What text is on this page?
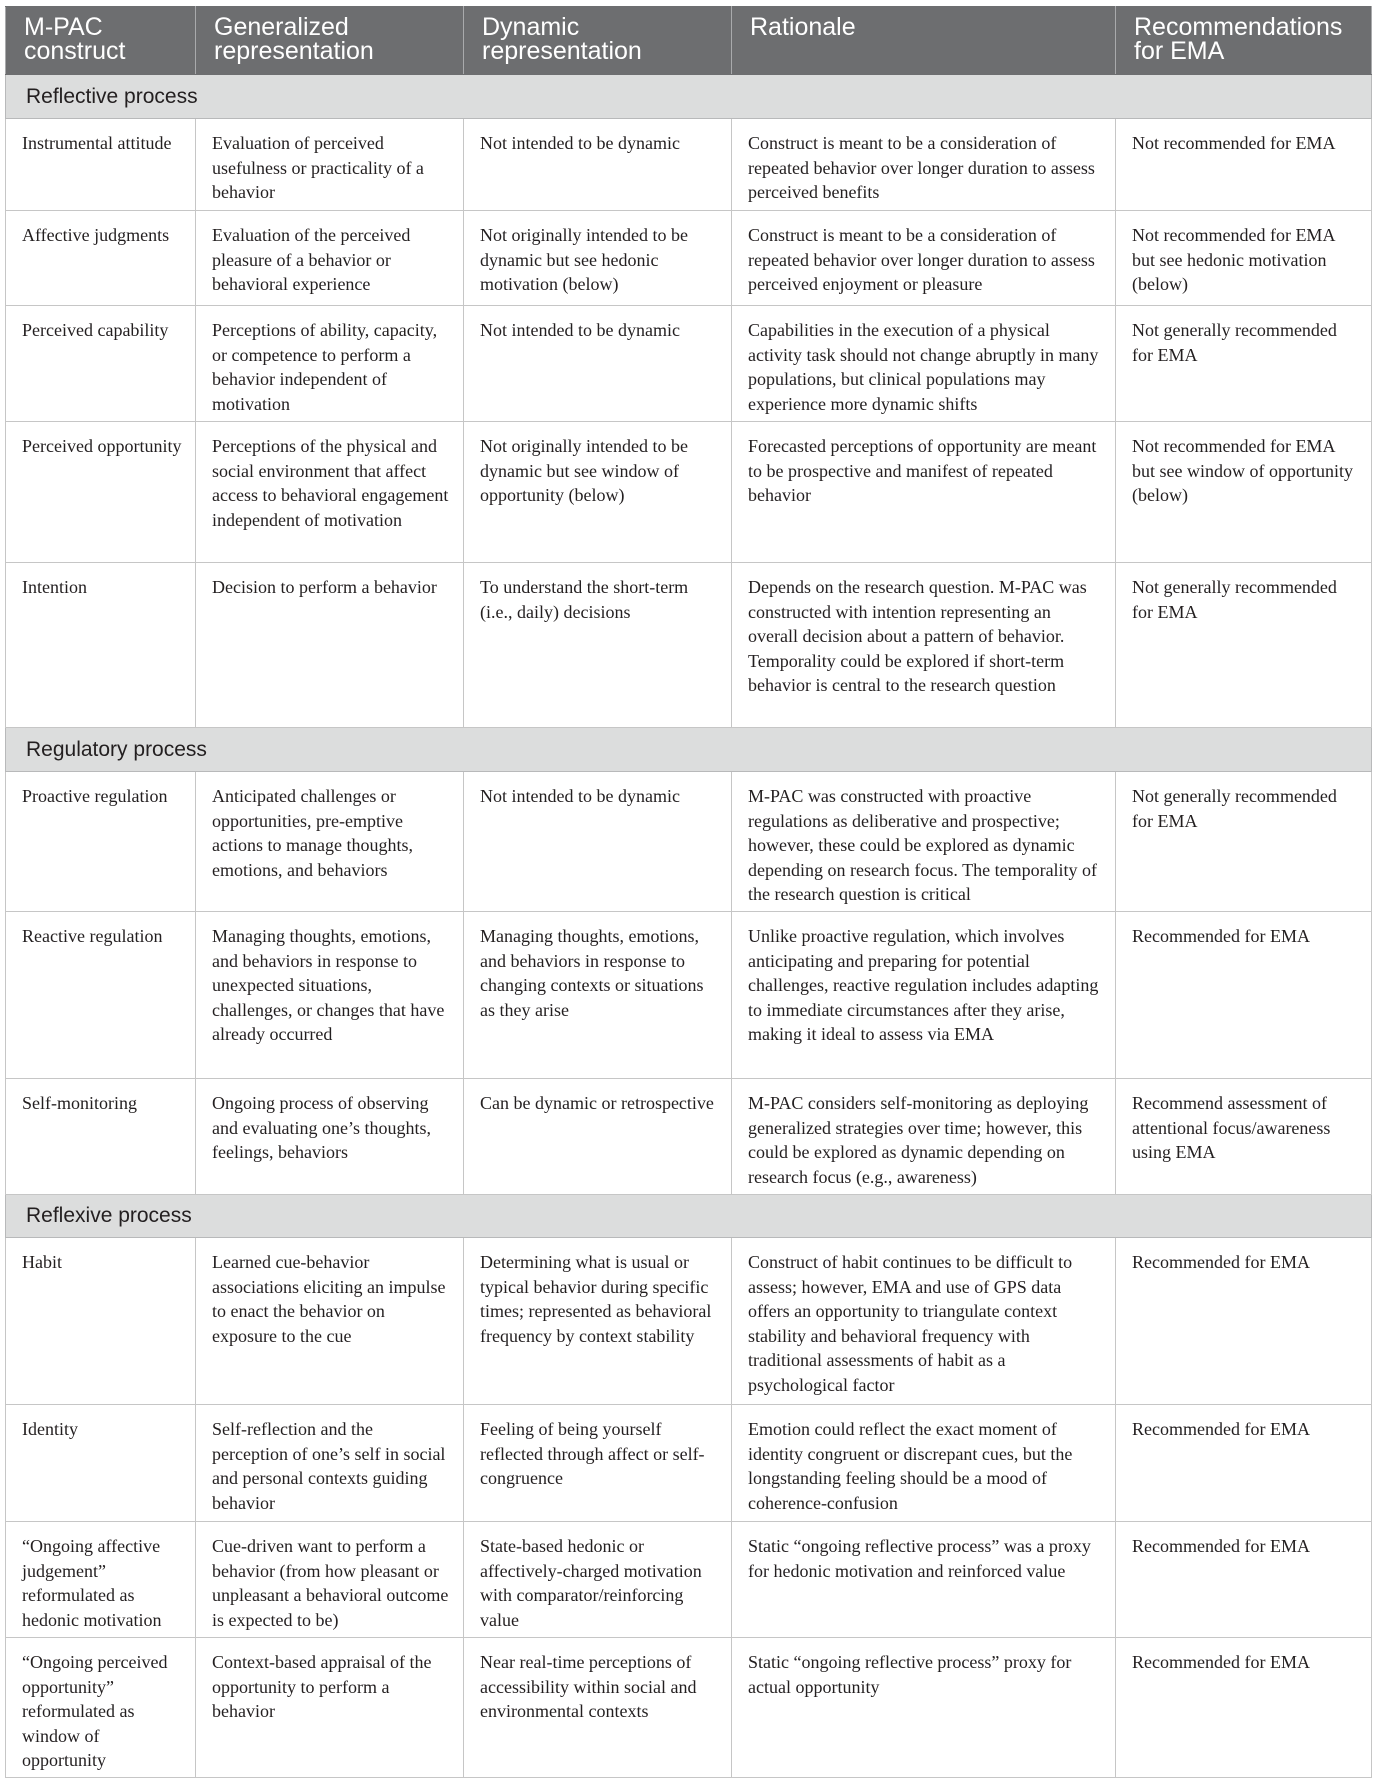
M-PAC construct	Generalized representation	Dynamic representation	Rationale	Recommendations for EMA
Reflective process				
Instrumental attitude	Evaluation of perceived usefulness or practicality of a behavior	Not intended to be dynamic	Construct is meant to be a consideration of repeated behavior over longer duration to assess perceived benefits	Not recommended for EMA
Affective judgments	Evaluation of the perceived pleasure of a behavior or behavioral experience	Not originally intended to be dynamic but see hedonic motivation (below)	Construct is meant to be a consideration of repeated behavior over longer duration to assess perceived enjoyment or pleasure	Not recommended for EMA but see hedonic motivation (below)
Perceived capability	Perceptions of ability, capacity, or competence to perform a behavior independent of motivation	Not intended to be dynamic	Capabilities in the execution of a physical activity task should not change abruptly in many populations, but clinical populations may experience more dynamic shifts	Not generally recommended for EMA
Perceived opportunity	Perceptions of the physical and social environment that affect access to behavioral engagement independent of motivation	Not originally intended to be dynamic but see window of opportunity (below)	Forecasted perceptions of opportunity are meant to be prospective and manifest of repeated behavior	Not recommended for EMA but see window of opportunity (below)
Intention	Decision to perform a behavior	To understand the short-term (i.e., daily) decisions	Depends on the research question. M-PAC was constructed with intention representing an overall decision about a pattern of behavior. Temporality could be explored if short-term behavior is central to the research question	Not generally recommended for EMA
Regulatory process				
Proactive regulation	Anticipated challenges or opportunities, pre-emptive actions to manage thoughts, emotions, and behaviors	Not intended to be dynamic	M-PAC was constructed with proactive regulations as deliberative and prospective; however, these could be explored as dynamic depending on research focus. The temporality of the research question is critical	Not generally recommended for EMA
Reactive regulation	Managing thoughts, emotions, and behaviors in response to unexpected situations, challenges, or changes that have already occurred	Managing thoughts, emotions, and behaviors in response to changing contexts or situations as they arise	Unlike proactive regulation, which involves anticipating and preparing for potential challenges, reactive regulation includes adapting to immediate circumstances after they arise, making it ideal to assess via EMA	Recommended for EMA
Self-monitoring	Ongoing process of observing and evaluating one’s thoughts, feelings, behaviors	Can be dynamic or retrospective	M-PAC considers self-monitoring as deploying generalized strategies over time; however, this could be explored as dynamic depending on research focus (e.g., awareness)	Recommend assessment of attentional focus/awareness using EMA
Reflexive process				
Habit	Learned cue-behavior associations eliciting an impulse to enact the behavior on exposure to the cue	Determining what is usual or typical behavior during specific times; represented as behavioral frequency by context stability	Construct of habit continues to be difficult to assess; however, EMA and use of GPS data offers an opportunity to triangulate context stability and behavioral frequency with traditional assessments of habit as a psychological factor	Recommended for EMA
Identity	Self-reflection and the perception of one’s self in social and personal contexts guiding behavior	Feeling of being yourself reflected through affect or self-congruence	Emotion could reflect the exact moment of identity congruent or discrepant cues, but the longstanding feeling should be a mood of coherence-confusion	Recommended for EMA
“Ongoing affective judgement” reformulated as hedonic motivation	Cue-driven want to perform a behavior (from how pleasant or unpleasant a behavioral outcome is expected to be)	State-based hedonic or affectively-charged motivation with comparator/reinforcing value	Static “ongoing reflective process” was a proxy for hedonic motivation and reinforced value	Recommended for EMA
“Ongoing perceived opportunity” reformulated as window of opportunity	Context-based appraisal of the opportunity to perform a behavior	Near real-time perceptions of accessibility within social and environmental contexts	Static “ongoing reflective process” proxy for actual opportunity	Recommended for EMA
